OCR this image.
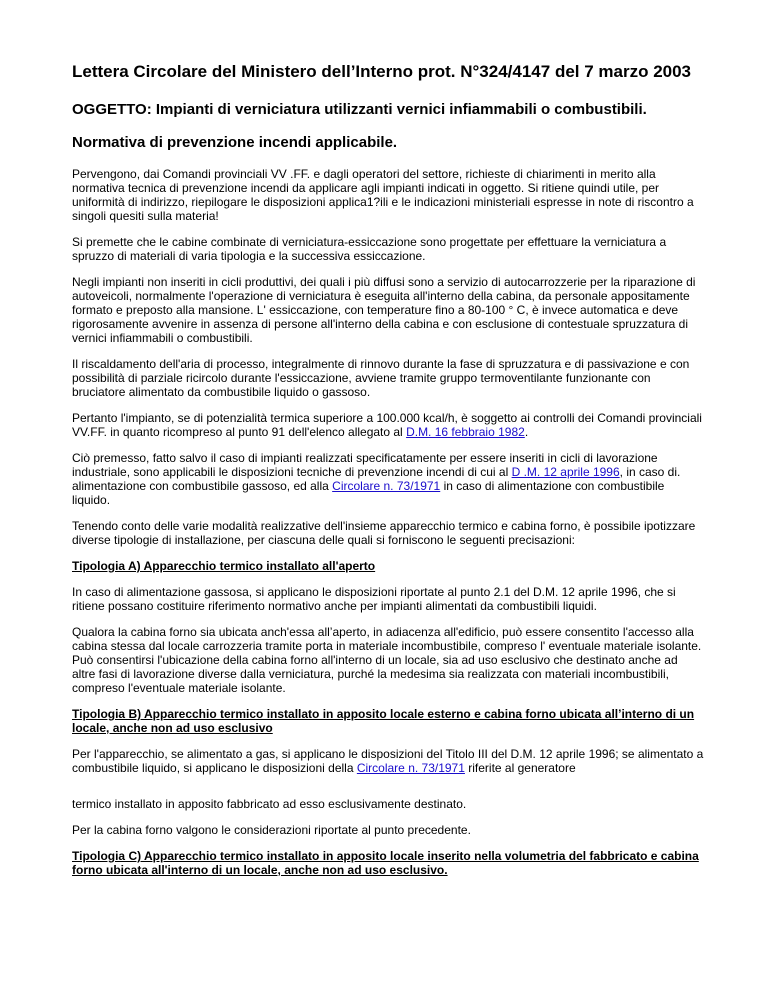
Lettera Circolare del Ministero dell’Interno prot. N°324/4147 del 7 marzo 2003
OGGETTO: Impianti di verniciatura utilizzanti vernici infiammabili o combustibili.
Normativa di prevenzione incendi applicabile.

Pervengono, dai Comandi provinciali VV .FF. e dagli operatori del settore, richieste di chiarimenti in merito alla normativa tecnica di prevenzione incendi da applicare agli impianti indicati in oggetto. Si ritiene quindi utile, per uniformità di indirizzo, riepilogare le disposizioni applica1?ili e le indicazioni ministeriali espresse in note di riscontro a singoli quesiti sulla materia!

Si premette che le cabine combinate di verniciatura-essiccazione sono progettate per effettuare la verniciatura a spruzzo di materiali di varia tipologia e la successiva essiccazione.

Negli impianti non inseriti in cicli produttivi, dei quali i più diffusi sono a servizio di autocarrozzerie per la riparazione di autoveicoli, normalmente l'operazione di verniciatura è eseguita all'interno della cabina, da personale appositamente formato e preposto alla mansione. L' essiccazione, con temperature fino a 80-100 ° C, è invece automatica e deve rigorosamente avvenire in assenza di persone all'interno della cabina e con esclusione di contestuale spruzzatura di vernici infiammabili o combustibili.

Il riscaldamento dell'aria di processo, integralmente di rinnovo durante la fase di spruzzatura e di passivazione e con possibilità di parziale ricircolo durante l'essiccazione, avviene tramite gruppo termoventilante funzionante con bruciatore alimentato da combustibile liquido o gassoso.

Pertanto l'impianto, se di potenzialità termica superiore a 100.000 kcal/h, è soggetto ai controlli dei Comandi provinciali VV.FF. in quanto ricompreso al punto 91 dell'elenco allegato al D.M. 16 febbraio 1982.

Ciò premesso, fatto salvo il caso di impianti realizzati specificatamente per essere inseriti in cicli di lavorazione industriale, sono applicabili le disposizioni tecniche di prevenzione incendi di cui al D .M. 12 aprile 1996, in caso di. alimentazione con combustibile gassoso, ed alla Circolare n. 73/1971 in caso di alimentazione con combustibile liquido.

Tenendo conto delle varie modalità realizzative dell'insieme apparecchio termico e cabina forno, è possibile ipotizzare diverse tipologie di installazione, per ciascuna delle quali si forniscono le seguenti precisazioni:

Tipologia A) Apparecchio termico installato all'aperto

In caso di alimentazione gassosa, si applicano le disposizioni riportate al punto 2.1 del D.M. 12 aprile 1996, che si ritiene possano costituire riferimento normativo anche per impianti alimentati da combustibili liquidi.

Qualora la cabina forno sia ubicata anch'essa all’aperto, in adiacenza all'edificio, può essere consentito l'accesso alla cabina stessa dal locale carrozzeria tramite porta in materiale incombustibile, compreso l' eventuale materiale isolante. Può consentirsi l'ubicazione della cabina forno all'interno di un locale, sia ad uso esclusivo che destinato anche ad altre fasi di lavorazione diverse dalla verniciatura, purché la medesima sia realizzata con materiali incombustibili, compreso l'eventuale materiale isolante.

Tipologia B) Apparecchio termico installato in apposito locale esterno e cabina forno ubicata all’interno di un locale, anche non ad uso esclusivo

Per l'apparecchio, se alimentato a gas, si applicano le disposizioni del Titolo III del D.M. 12 aprile 1996; se alimentato a combustibile liquido, si applicano le disposizioni della Circolare n. 73/1971 riferite al generatore

termico installato in apposito fabbricato ad esso esclusivamente destinato.

Per la cabina forno valgono le considerazioni riportate al punto precedente.

Tipologia C) Apparecchio termico installato in apposito locale inserito nella volumetria del fabbricato e cabina forno ubicata all'interno di un locale, anche non ad uso esclusivo.
